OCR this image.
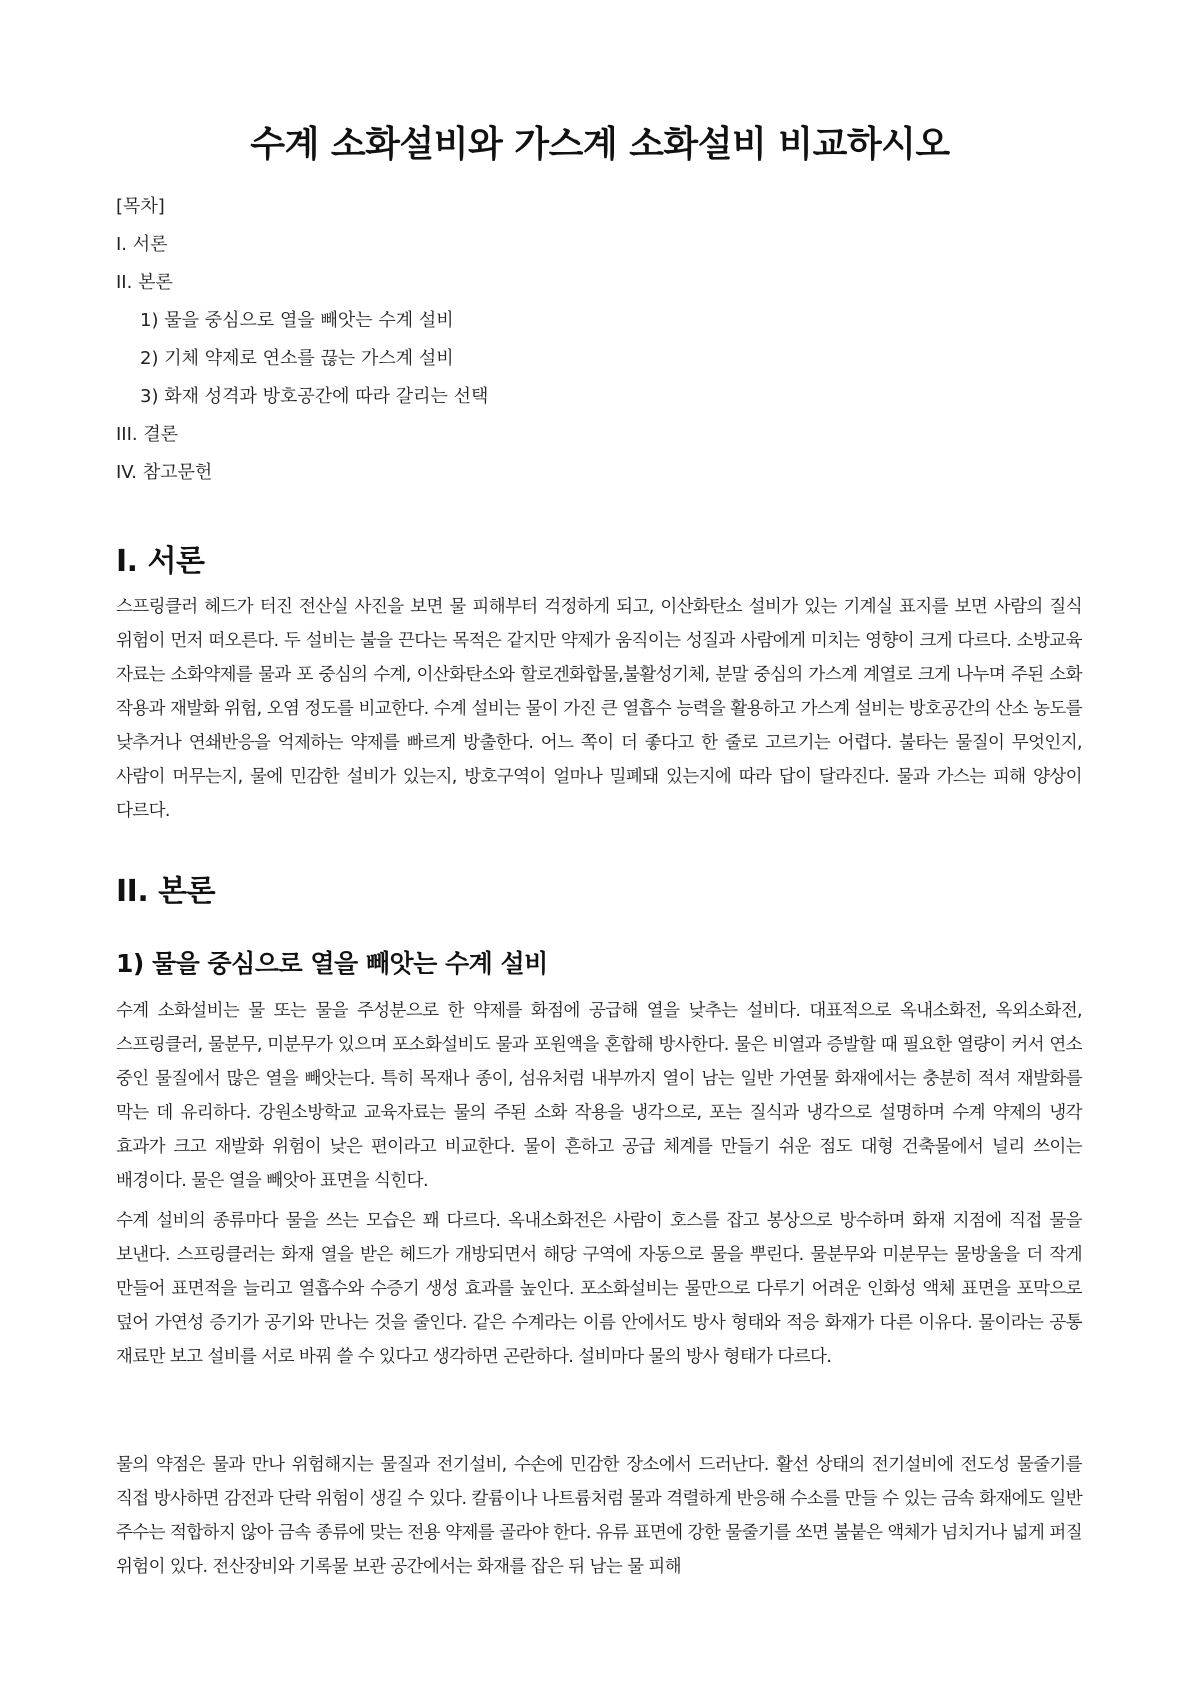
수계 소화설비와 가스계 소화설비 비교하시오
[목차]
I. 서론
II. 본론
1) 물을 중심으로 열을 빼앗는 수계 설비
2) 기체 약제로 연소를 끊는 가스계 설비
3) 화재 성격과 방호공간에 따라 갈리는 선택
III. 결론
IV. 참고문헌
I. 서론

스프링클러 헤드가 터진 전산실 사진을 보면 물 피해부터 걱정하게 되고, 이산화탄소 설비가 있는 기계실 표지를 보면 사람의 질식 위험이 먼저 떠오른다. 두 설비는 불을 끈다는 목적은 같지만 약제가 움직이는 성질과 사람에게 미치는 영향이 크게 다르다. 소방교육 자료는 소화약제를 물과 포 중심의 수계, 이산화탄소와 할로겐화합물,불활성기체, 분말 중심의 가스계 계열로 크게 나누며 주된 소화 작용과 재발화 위험, 오염 정도를 비교한다. 수계 설비는 물이 가진 큰 열흡수 능력을 활용하고 가스계 설비는 방호공간의 산소 농도를 낮추거나 연쇄반응을 억제하는 약제를 빠르게 방출한다. 어느 쪽이 더 좋다고 한 줄로 고르기는 어렵다. 불타는 물질이 무엇인지, 사람이 머무는지, 물에 민감한 설비가 있는지, 방호구역이 얼마나 밀폐돼 있는지에 따라 답이 달라진다. 물과 가스는 피해 양상이 다르다.

II. 본론
1) 물을 중심으로 열을 빼앗는 수계 설비

수계 소화설비는 물 또는 물을 주성분으로 한 약제를 화점에 공급해 열을 낮추는 설비다. 대표적으로 옥내소화전, 옥외소화전, 스프링클러, 물분무, 미분무가 있으며 포소화설비도 물과 포원액을 혼합해 방사한다. 물은 비열과 증발할 때 필요한 열량이 커서 연소 중인 물질에서 많은 열을 빼앗는다. 특히 목재나 종이, 섬유처럼 내부까지 열이 남는 일반 가연물 화재에서는 충분히 적셔 재발화를 막는 데 유리하다. 강원소방학교 교육자료는 물의 주된 소화 작용을 냉각으로, 포는 질식과 냉각으로 설명하며 수계 약제의 냉각 효과가 크고 재발화 위험이 낮은 편이라고 비교한다. 물이 흔하고 공급 체계를 만들기 쉬운 점도 대형 건축물에서 널리 쓰이는 배경이다. 물은 열을 빼앗아 표면을 식힌다.

수계 설비의 종류마다 물을 쓰는 모습은 꽤 다르다. 옥내소화전은 사람이 호스를 잡고 봉상으로 방수하며 화재 지점에 직접 물을 보낸다. 스프링클러는 화재 열을 받은 헤드가 개방되면서 해당 구역에 자동으로 물을 뿌린다. 물분무와 미분무는 물방울을 더 작게 만들어 표면적을 늘리고 열흡수와 수증기 생성 효과를 높인다. 포소화설비는 물만으로 다루기 어려운 인화성 액체 표면을 포막으로 덮어 가연성 증기가 공기와 만나는 것을 줄인다. 같은 수계라는 이름 안에서도 방사 형태와 적응 화재가 다른 이유다. 물이라는 공통 재료만 보고 설비를 서로 바꿔 쓸 수 있다고 생각하면 곤란하다. 설비마다 물의 방사 형태가 다르다.

물의 약점은 물과 만나 위험해지는 물질과 전기설비, 수손에 민감한 장소에서 드러난다. 활선 상태의 전기설비에 전도성 물줄기를 직접 방사하면 감전과 단락 위험이 생길 수 있다. 칼륨이나 나트륨처럼 물과 격렬하게 반응해 수소를 만들 수 있는 금속 화재에도 일반 주수는 적합하지 않아 금속 종류에 맞는 전용 약제를 골라야 한다. 유류 표면에 강한 물줄기를 쏘면 불붙은 액체가 넘치거나 넓게 퍼질 위험이 있다. 전산장비와 기록물 보관 공간에서는 화재를 잡은 뒤 남는 물 피해
